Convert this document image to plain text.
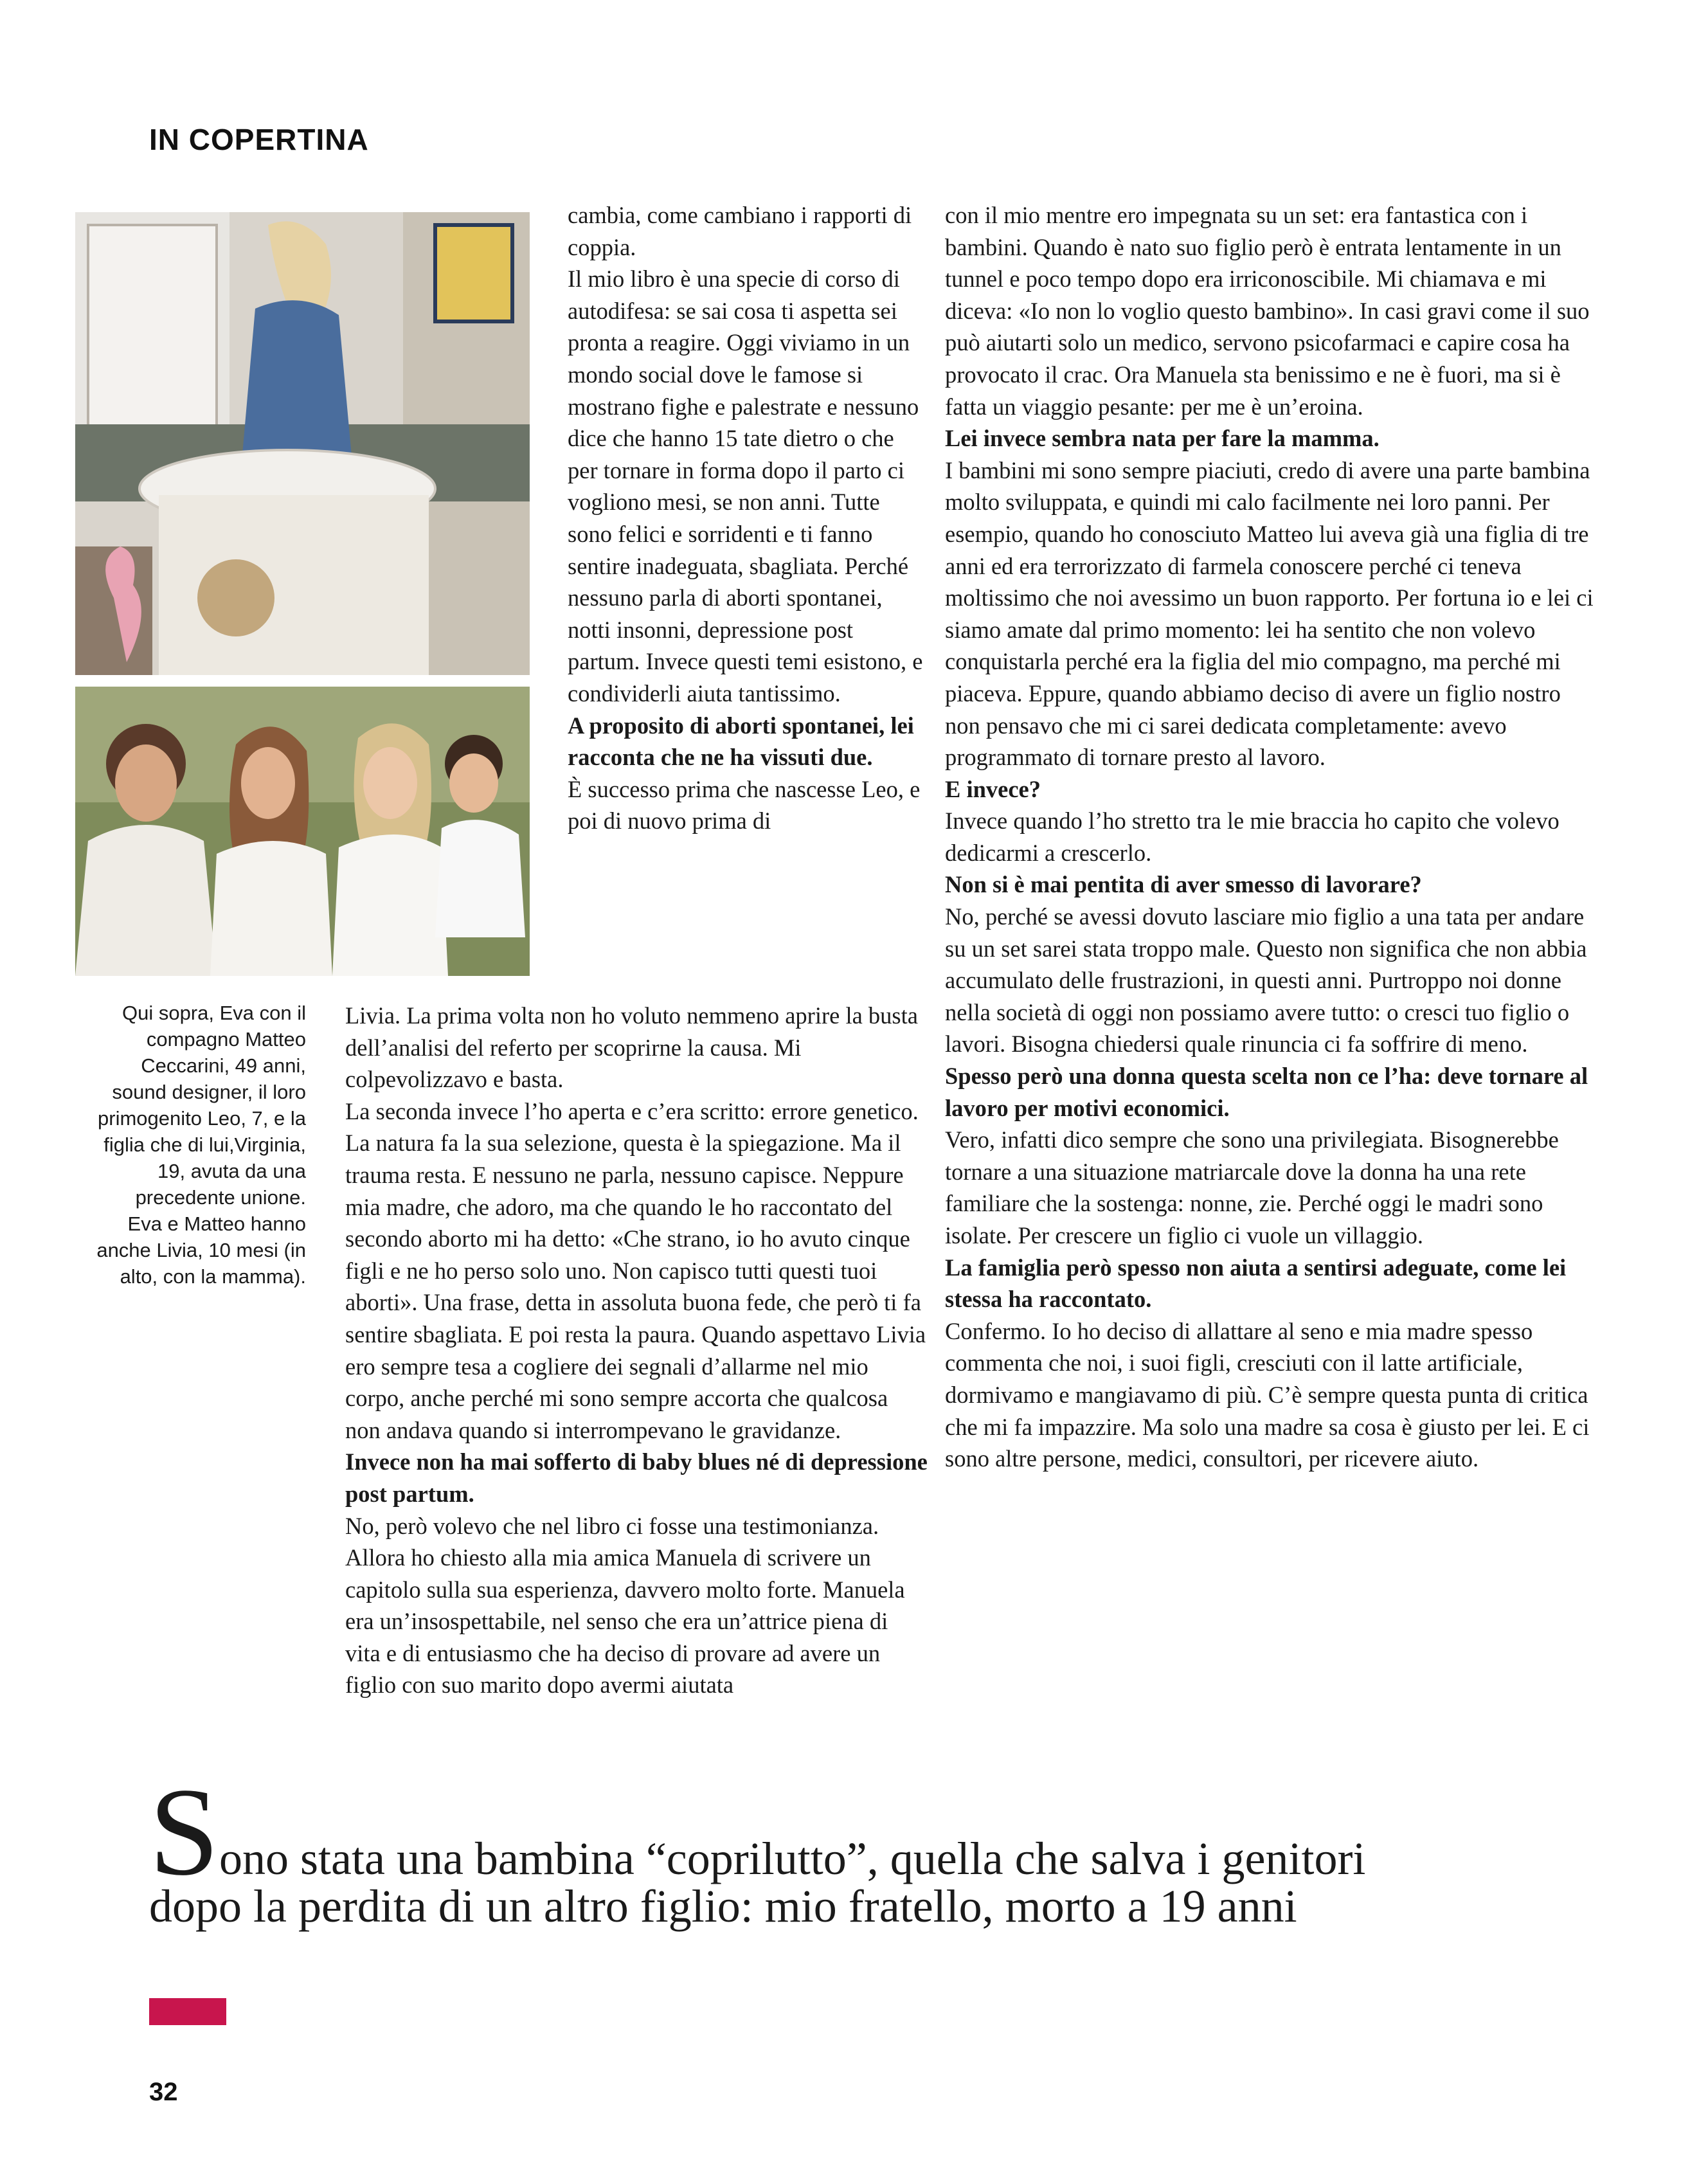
IN COPERTINA
Qui sopra, Eva con il compagno Matteo Ceccarini, 49 anni, sound designer, il loro primogenito Leo, 7, e la figlia che di lui,Virginia, 19, avuta da una precedente unione. Eva e Matteo hanno anche Livia, 10 mesi (in alto, con la mamma).

cambia, come cambiano i rapporti di coppia.

Il mio libro è una specie di corso di autodifesa: se sai cosa ti aspetta sei pronta a reagire. Oggi viviamo in un mondo social dove le famose si mostrano fighe e palestrate e nessuno dice che hanno 15 tate dietro o che per tornare in forma dopo il parto ci vogliono mesi, se non anni. Tutte sono felici e sorridenti e ti fanno sentire inadeguata, sbagliata. Perché nessuno parla di aborti spontanei, notti insonni, depressione post partum. Invece questi temi esistono, e condividerli aiuta tantissimo.

A proposito di aborti spontanei, lei racconta che ne ha vissuti due.

È successo prima che nascesse Leo, e poi di nuovo prima di

Livia. La prima volta non ho voluto nemmeno aprire la busta dell’analisi del referto per scoprirne la causa. Mi colpevolizzavo e basta.

La seconda invece l’ho aperta e c’era scritto: errore genetico. La natura fa la sua selezione, questa è la spiegazione. Ma il trauma resta. E nessuno ne parla, nessuno capisce. Neppure mia madre, che adoro, ma che quando le ho raccontato del secondo aborto mi ha detto: «Che strano, io ho avuto cinque figli e ne ho perso solo uno. Non capisco tutti questi tuoi aborti». Una frase, detta in assoluta buona fede, che però ti fa sentire sbagliata. E poi resta la paura. Quando aspettavo Livia ero sempre tesa a cogliere dei segnali d’allarme nel mio corpo, anche perché mi sono sempre accorta che qualcosa non andava quando si interrompevano le gravidanze.

Invece non ha mai sofferto di baby blues né di depressione post partum.

No, però volevo che nel libro ci fosse una testimonianza. Allora ho chiesto alla mia amica Manuela di scrivere un capitolo sulla sua esperienza, davvero molto forte. Manuela era un’insospettabile, nel senso che era un’attrice piena di vita e di entusiasmo che ha deciso di provare ad avere un figlio con suo marito dopo avermi aiutata

con il mio mentre ero impegnata su un set: era fantastica con i bambini. Quando è nato suo figlio però è entrata lentamente in un tunnel e poco tempo dopo era irriconoscibile. Mi chiamava e mi diceva: «Io non lo voglio questo bambino». In casi gravi come il suo può aiutarti solo un medico, servono psicofarmaci e capire cosa ha provocato il crac. Ora Manuela sta benissimo e ne è fuori, ma si è fatta un viaggio pesante: per me è un’eroina.

Lei invece sembra nata per fare la mamma.

I bambini mi sono sempre piaciuti, credo di avere una parte bambina molto sviluppata, e quindi mi calo facilmente nei loro panni. Per esempio, quando ho conosciuto Matteo lui aveva già una figlia di tre anni ed era terrorizzato di farmela conoscere perché ci teneva moltissimo che noi avessimo un buon rapporto. Per fortuna io e lei ci siamo amate dal primo momento: lei ha sentito che non volevo conquistarla perché era la figlia del mio compagno, ma perché mi piaceva. Eppure, quando abbiamo deciso di avere un figlio nostro non pensavo che mi ci sarei dedicata completamente: avevo programmato di tornare presto al lavoro.

E invece?

Invece quando l’ho stretto tra le mie braccia ho capito che volevo dedicarmi a crescerlo.

Non si è mai pentita di aver smesso di lavorare?

No, perché se avessi dovuto lasciare mio figlio a una tata per andare su un set sarei stata troppo male. Questo non significa che non abbia accumulato delle frustrazioni, in questi anni. Purtroppo noi donne nella società di oggi non possiamo avere tutto: o cresci tuo figlio o lavori. Bisogna chiedersi quale rinuncia ci fa soffrire di meno.

Spesso però una donna questa scelta non ce l’ha: deve tornare al lavoro per motivi economici.

Vero, infatti dico sempre che sono una privilegiata. Bisognerebbe tornare a una situazione matriarcale dove la donna ha una rete familiare che la sostenga: nonne, zie. Perché oggi le madri sono isolate. Per crescere un figlio ci vuole un villaggio.

La famiglia però spesso non aiuta a sentirsi adeguate, come lei stessa ha raccontato.

Confermo. Io ho deciso di allattare al seno e mia madre spesso commenta che noi, i suoi figli, cresciuti con il latte artificiale, dormivamo e mangiavamo di più. C’è sempre questa punta di critica che mi fa impazzire. Ma solo una madre sa cosa è giusto per lei. E ci sono altre persone, medici, consultori, per ricevere aiuto.

Sono stata una bambina “coprilutto”, quella che salva i genitori
dopo la perdita di un altro figlio: mio fratello, morto a 19 anni
32
